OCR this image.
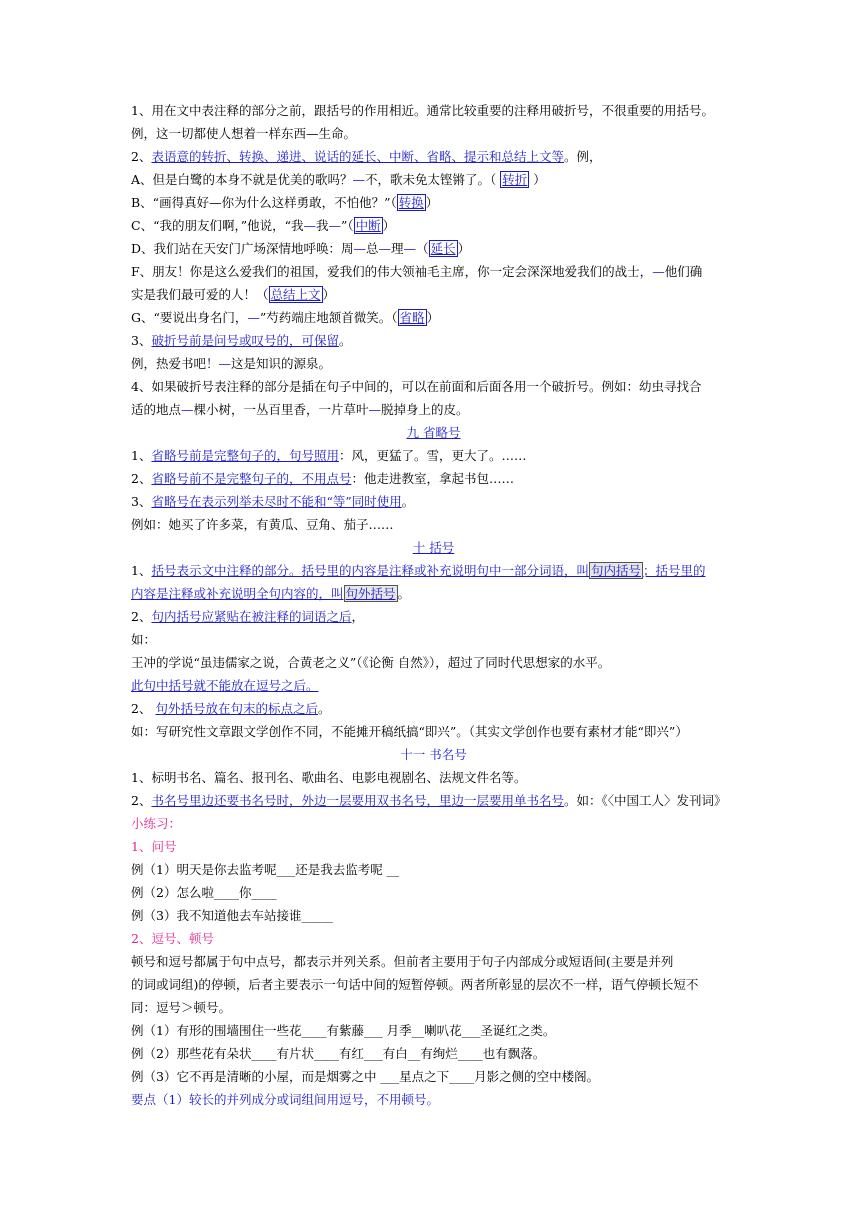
1、用在文中表注释的部分之前，跟括号的作用相近。通常比较重要的注释用破折号，不很重要的用括号。
例，这一切都使人想着一样东西—生命。
2、表语意的转折、转换、递进、说话的延长、中断、省略、提示和总结上文等。例，
A、但是白鹭的本身不就是优美的歌吗？—不，歌未免太铿锵了。（ 转折 ）
B、“画得真好—你为什么这样勇敢，不怕他？”（ 转换 ）
C、“我的朋友们啊，”他说，“我—我—”（ 中断 ）
D、我们站在天安门广场深情地呼唤：周—总—理—（ 延长 ）
F、朋友！你是这么爱我们的祖国，爱我们的伟大领袖毛主席，你一定会深深地爱我们的战士，—他们确
实是我们最可爱的人！（ 总结上文 ）
G、“要说出身名门，—”芍药端庄地颔首微笑。（ 省略 ）
3、破折号前是问号或叹号的，可保留。
例，热爱书吧！—这是知识的源泉。
4、如果破折号表注释的部分是插在句子中间的，可以在前面和后面各用一个破折号。例如：幼虫寻找合
适的地点—棵小树，一丛百里香，一片草叶—脱掉身上的皮。
九 省略号
1、省略号前是完整句子的，句号照用：风，更猛了。雪，更大了。……
2、省略号前不是完整句子的，不用点号：他走进教室，拿起书包……
3、省略号在表示列举未尽时不能和“等”同时使用。
例如：她买了许多菜，有黄瓜、豆角、茄子……
十 括号
1、括号表示文中注释的部分。括号里的内容是注释或补充说明句中一部分词语，叫 句内括号 ；括号里的
内容是注释或补充说明全句内容的，叫 句外括号 。
2、句内括号应紧贴在被注释的词语之后，
如：
王冲的学说“虽违儒家之说，合黄老之义”（《论衡 自然》），超过了同时代思想家的水平。
此句中括号就不能放在逗号之后。
2、 句外括号放在句末的标点之后。
如：写研究性文章跟文学创作不同，不能摊开稿纸搞“即兴”。（其实文学创作也要有素材才能“即兴”）
十一 书名号
1、标明书名、篇名、报刊名、歌曲名、电影电视剧名、法规文件名等。
2、书名号里边还要书名号时，外边一层要用双书名号，里边一层要用单书名号。如：《〈中国工人〉发刊词》
小练习：
1、问号
例（1）明天是你去监考呢___还是我去监考呢 __
例（2）怎么啦____你____
例（3）我不知道他去车站接谁_____
2、逗号、顿号
顿号和逗号都属于句中点号，都表示并列关系。但前者主要用于句子内部成分或短语间(主要是并列
的词或词组)的停顿，后者主要表示一句话中间的短暂停顿。两者所彰显的层次不一样，语气停顿长短不
同：逗号＞顿号。
例（1）有形的围墙围住一些花____有紫藤___ 月季__喇叭花___圣诞红之类。
例（2）那些花有朵状____有片状____有红___有白__有绚烂____也有飘落。
例（3）它不再是清晰的小屋，而是烟雾之中 ___星点之下____月影之侧的空中楼阁。
要点（1）较长的并列成分或词组间用逗号，不用顿号。
